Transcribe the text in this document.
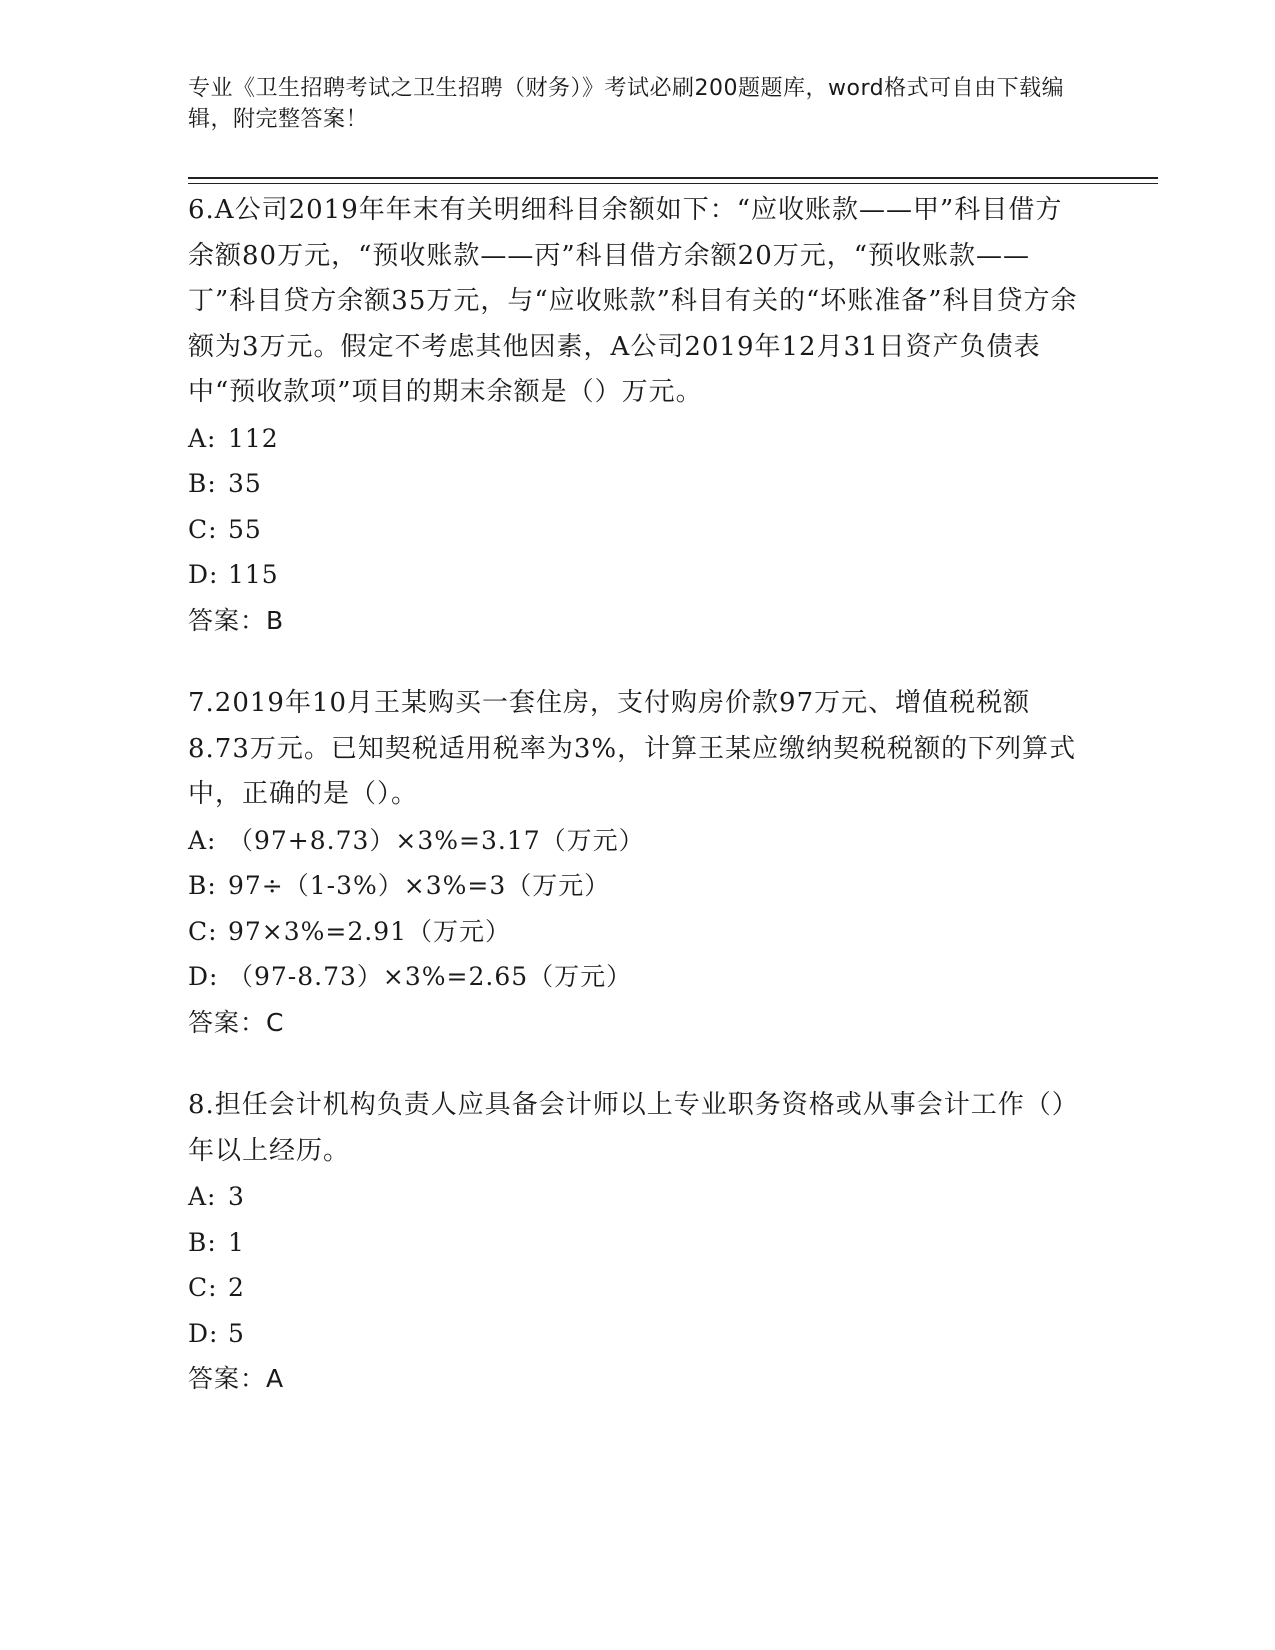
专业《卫生招聘考试之卫生招聘（财务）》考试必刷200题题库，word格式可自由下载编辑，附完整答案！

6.A公司2019年年末有关明细科目余额如下：“应收账款——甲”科目借方余额80万元，“预收账款——丙”科目借方余额20万元，“预收账款——丁”科目贷方余额35万元，与“应收账款”科目有关的“坏账准备”科目贷方余额为3万元。假定不考虑其他因素，A公司2019年12月31日资产负债表中“预收款项”项目的期末余额是（）万元。

A: 112
B: 35
C: 55
D: 115
答案：B

7.2019年10月王某购买一套住房，支付购房价款97万元、增值税税额8.73万元。已知契税适用税率为3%，计算王某应缴纳契税税额的下列算式中，正确的是（）。

A: （97+8.73）×3%=3.17（万元）
B: 97÷（1-3%）×3%=3（万元）
C: 97×3%=2.91（万元）
D: （97-8.73）×3%=2.65（万元）
答案：C

8.担任会计机构负责人应具备会计师以上专业职务资格或从事会计工作（）年以上经历。

A: 3
B: 1
C: 2
D: 5
答案：A
